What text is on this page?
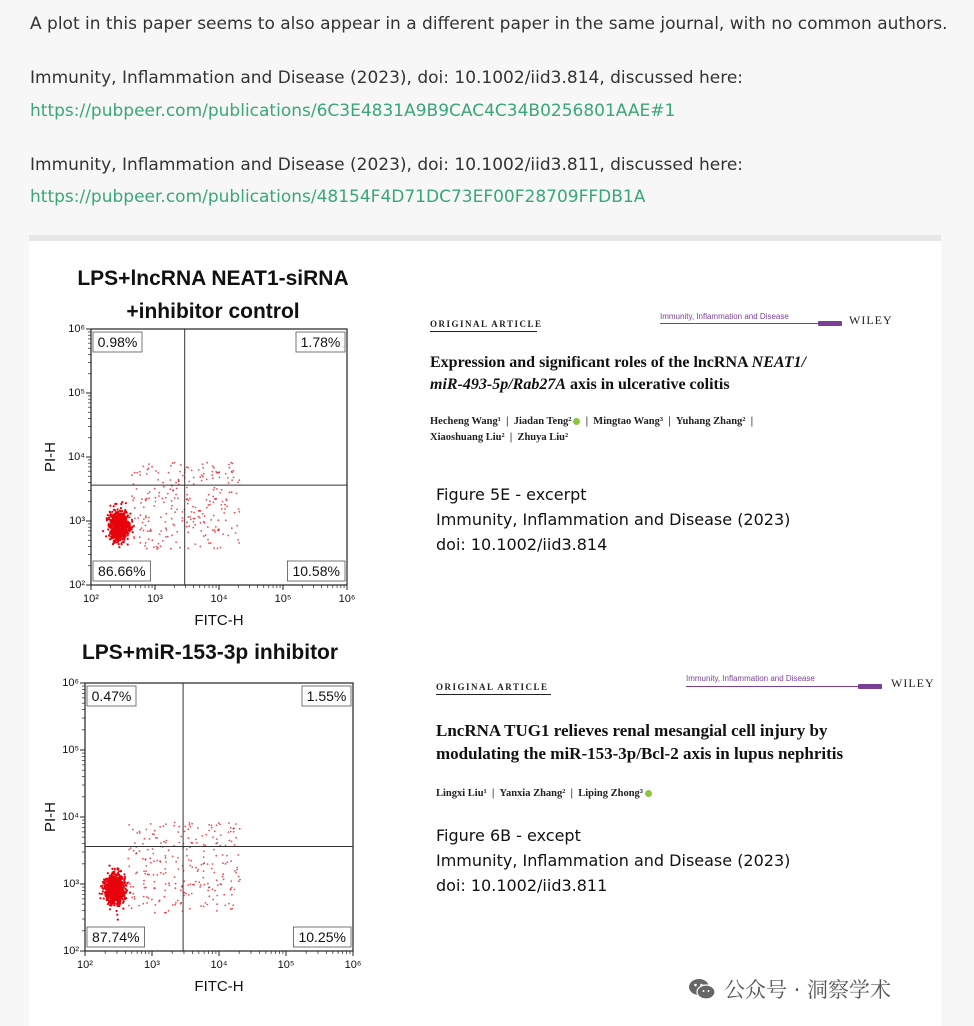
A plot in this paper seems to also appear in a different paper in the same journal, with no common authors.

Immunity, Inflammation and Disease (2023), doi: 10.1002/iid3.814, discussed here:

https://pubpeer.com/publications/6C3E4831A9B9CAC4C34B0256801AAE#1

Immunity, Inflammation and Disease (2023), doi: 10.1002/iid3.811, discussed here:

https://pubpeer.com/publications/48154F4D71DC73EF00F28709FFDB1A
LPS+lncRNA NEAT1-siRNA
+inhibitor control
10²
10²
10³
10³
10⁴
10⁴
10⁵
10⁵
10⁶
10⁶
FITC-H
PI-H
0.98%	1.78%
86.66%	10.58%
LPS+miR-153-3p inhibitor
10²
10²
10³
10³
10⁴
10⁴
10⁵
10⁵
10⁶
10⁶
FITC-H
PI-H
0.47%	1.55%
87.74%	10.25%
ORIGINAL ARTICLE
Immunity, Inflammation and Disease	WILEY
Expression and significant roles of the lncRNA NEAT1/
miR-493-5p/Rab27A axis in ulcerative colitis
Hecheng Wang¹  |  Jiadan Teng²  |  Mingtao Wang³  |  Yuhang Zhang²  |
Xiaoshuang Liu²  |  Zhuya Liu²
Figure 5E - excerpt
Immunity, Inflammation and Disease (2023)
doi: 10.1002/iid3.814
ORIGINAL ARTICLE
Immunity, Inflammation and Disease	WILEY
LncRNA TUG1 relieves renal mesangial cell injury by
modulating the miR-153-3p/Bcl-2 axis in lupus nephritis
Lingxi Liu¹  |  Yanxia Zhang²  |  Liping Zhong³
Figure 6B - except
Immunity, Inflammation and Disease (2023)
doi: 10.1002/iid3.811
公众号 · 洞察学术
